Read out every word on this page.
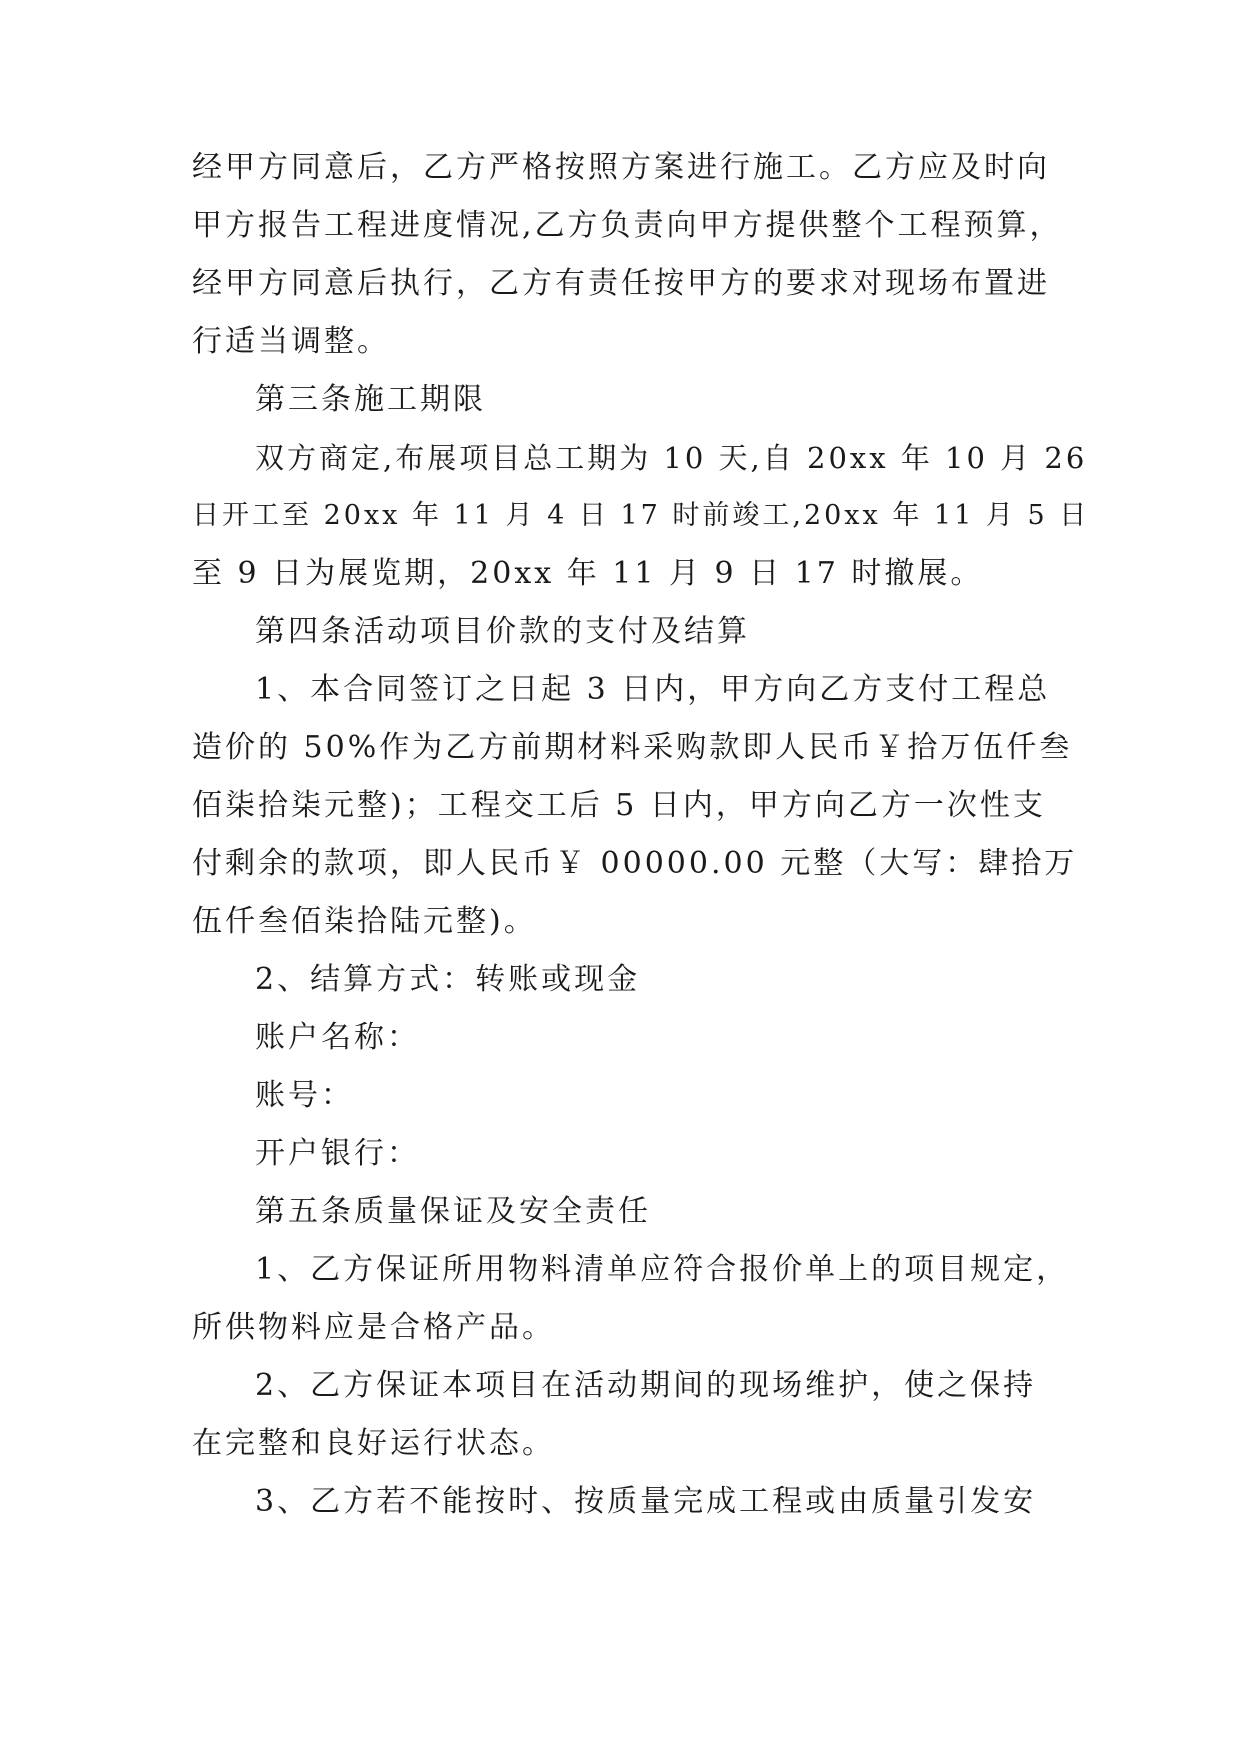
经甲方同意后，乙方严格按照方案进行施工。乙方应及时向
甲方报告工程进度情况,乙方负责向甲方提供整个工程预算，
经甲方同意后执行，乙方有责任按甲方的要求对现场布置进
行适当调整。
第三条施工期限
双方商定,布展项目总工期为 10 天,自 20xx 年 10 月 26
日开工至 20xx 年 11 月 4 日 17 时前竣工,20xx 年 11 月 5 日
至 9 日为展览期，20xx 年 11 月 9 日 17 时撤展。
第四条活动项目价款的支付及结算
1、本合同签订之日起 3 日内，甲方向乙方支付工程总
造价的 50%作为乙方前期材料采购款即人民币￥拾万伍仟叁
佰柒拾柒元整)；工程交工后 5 日内，甲方向乙方一次性支
付剩余的款项，即人民币￥ 00000.00 元整（大写：肆拾万
伍仟叁佰柒拾陆元整)。
2、结算方式：转账或现金
账户名称：
账号：
开户银行：
第五条质量保证及安全责任
1、乙方保证所用物料清单应符合报价单上的项目规定，
所供物料应是合格产品。
2、乙方保证本项目在活动期间的现场维护，使之保持
在完整和良好运行状态。
3、乙方若不能按时、按质量完成工程或由质量引发安
